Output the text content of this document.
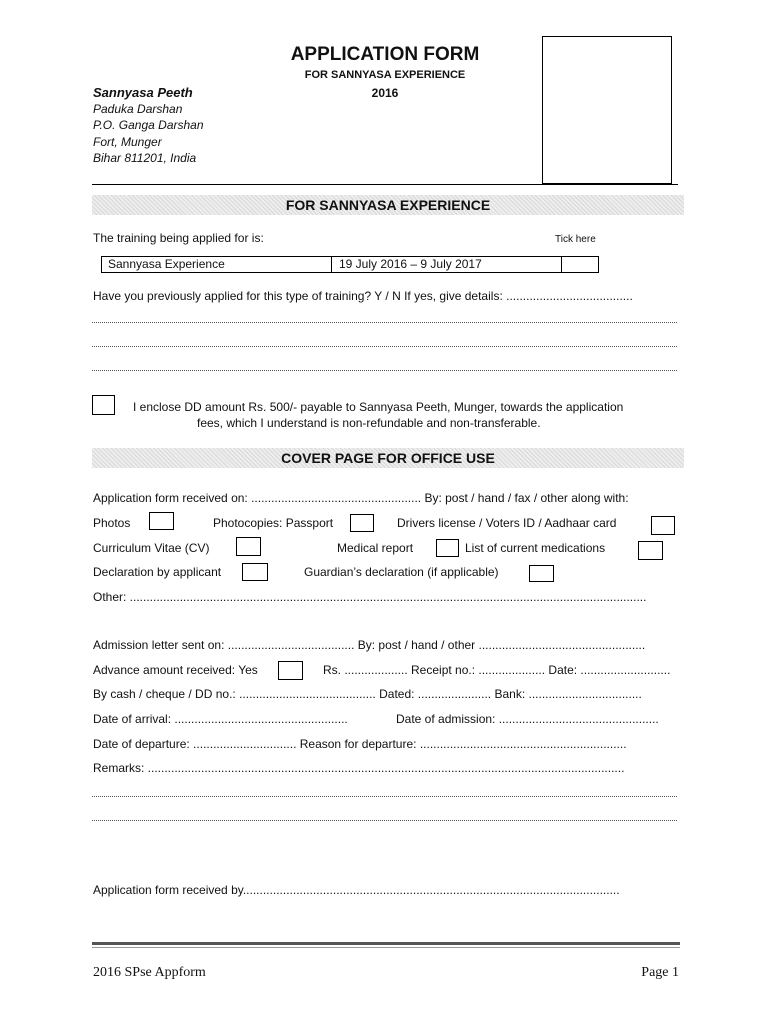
APPLICATION FORM
FOR SANNYASA EXPERIENCE
2016
Sannyasa Peeth
Paduka Darshan
P.O. Ganga Darshan
Fort, Munger
Bihar 811201, India
FOR SANNYASA EXPERIENCE
The training being applied for is:	Tick here
Sannyasa Experience	19 July 2016 – 9 July 2017
Have you previously applied for this type of training? Y / N If yes, give details: ......................................
I enclose DD amount Rs. 500/- payable to Sannyasa Peeth, Munger, towards the application
fees, which I understand is non-refundable and non-transferable.
COVER PAGE FOR OFFICE USE
Application form received on: ................................................... By: post / hand / fax / other along with:
Photos	Photocopies: Passport	Drivers license / Voters ID / Aadhaar card
Curriculum Vitae (CV)	Medical report	List of current medications
Declaration by applicant	Guardian’s declaration (if applicable)
Other: ...........................................................................................................................................................
Admission letter sent on: ...................................... By: post / hand / other ..................................................
Advance amount received: Yes	Rs. ................... Receipt no.: .................... Date: ...........................
By cash / cheque / DD no.: ......................................... Dated: ...................... Bank: ..................................
Date of arrival: ....................................................	Date of admission: ................................................
Date of departure: ............................... Reason for departure: ..............................................................
Remarks: ...............................................................................................................................................
Application form received by.................................................................................................................
2016 SPse Appform	Page 1
